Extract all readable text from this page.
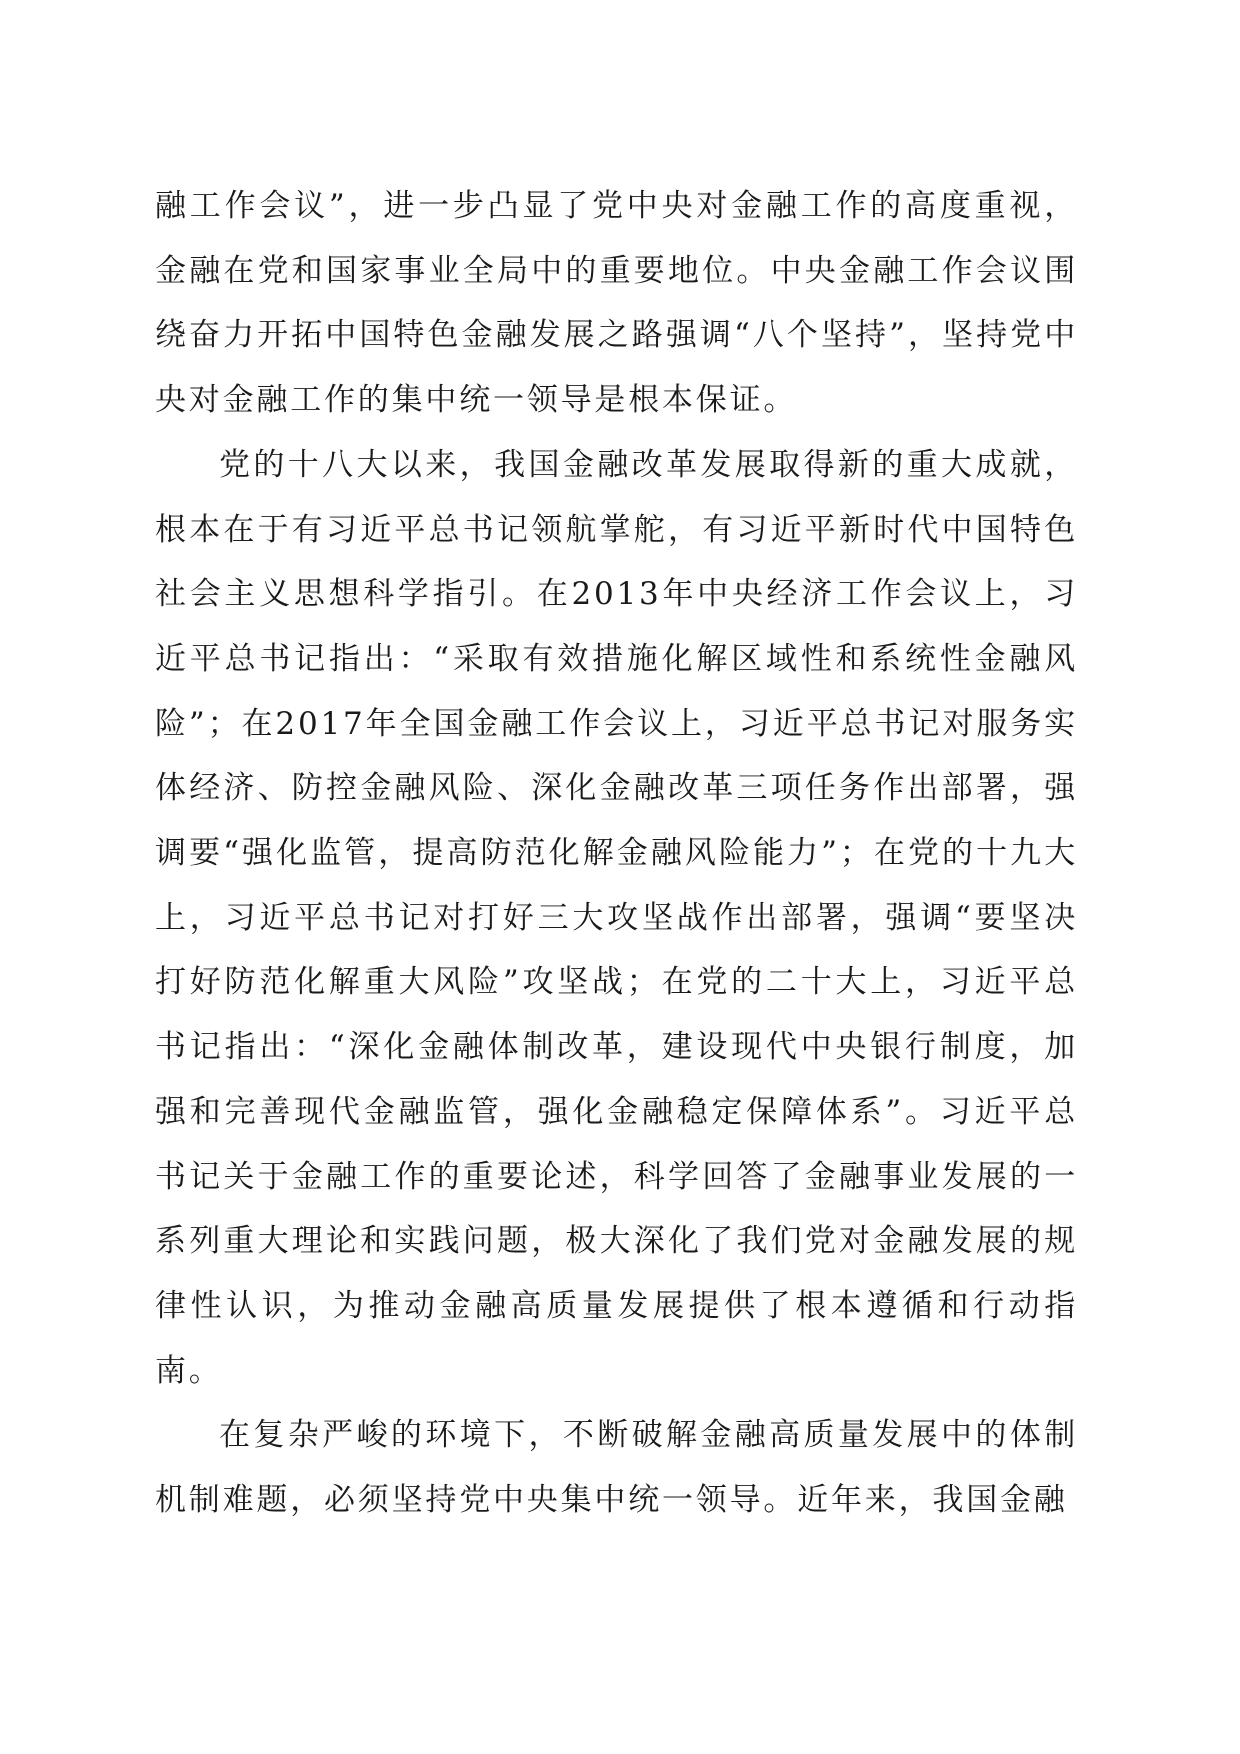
融工作会议”，进一步凸显了党中央对金融工作的高度重视，金融在党和国家事业全局中的重要地位。中央金融工作会议围绕奋力开拓中国特色金融发展之路强调“八个坚持”，坚持党中央对金融工作的集中统一领导是根本保证。

党的十八大以来，我国金融改革发展取得新的重大成就，根本在于有习近平总书记领航掌舵，有习近平新时代中国特色社会主义思想科学指引。在2013年中央经济工作会议上，习近平总书记指出：“采取有效措施化解区域性和系统性金融风险”；在2017年全国金融工作会议上，习近平总书记对服务实体经济、防控金融风险、深化金融改革三项任务作出部署，强调要“强化监管，提高防范化解金融风险能力”；在党的十九大上，习近平总书记对打好三大攻坚战作出部署，强调“要坚决打好防范化解重大风险”攻坚战；在党的二十大上，习近平总书记指出：“深化金融体制改革，建设现代中央银行制度，加强和完善现代金融监管，强化金融稳定保障体系”。习近平总书记关于金融工作的重要论述，科学回答了金融事业发展的一系列重大理论和实践问题，极大深化了我们党对金融发展的规律性认识，为推动金融高质量发展提供了根本遵循和行动指南。

在复杂严峻的环境下，不断破解金融高质量发展中的体制机制难题，必须坚持党中央集中统一领导。近年来，我国金融
